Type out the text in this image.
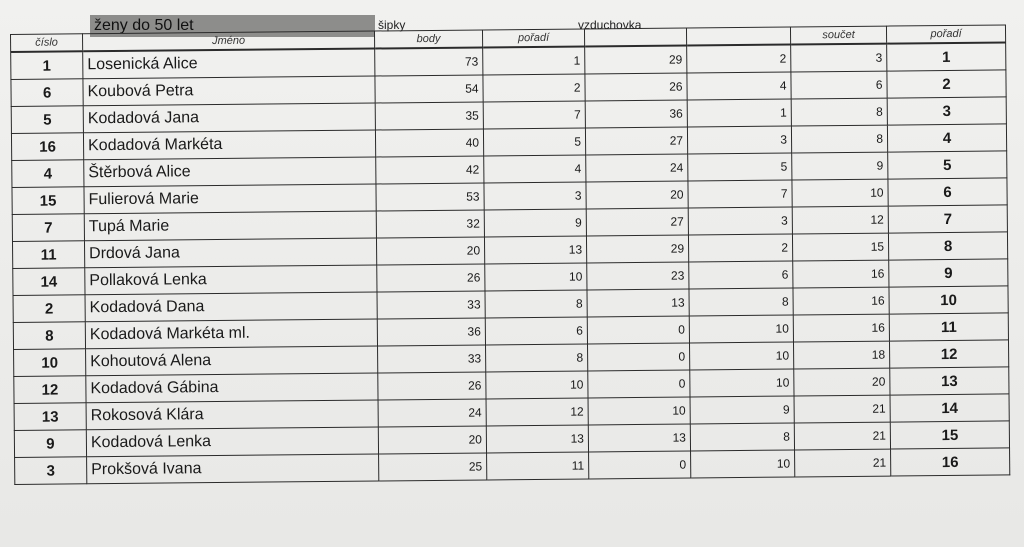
ženy do 50 let	šipky	vzduchovka
číslo	Jméno	body	pořadí			součet	pořadí
1	Losenická Alice	73	1	29	2	3	1
6	Koubová Petra	54	2	26	4	6	2
5	Kodadová Jana	35	7	36	1	8	3
16	Kodadová Markéta	40	5	27	3	8	4
4	Štěrbová Alice	42	4	24	5	9	5
15	Fulierová Marie	53	3	20	7	10	6
7	Tupá Marie	32	9	27	3	12	7
11	Drdová Jana	20	13	29	2	15	8
14	Pollaková Lenka	26	10	23	6	16	9
2	Kodadová Dana	33	8	13	8	16	10
8	Kodadová Markéta ml.	36	6	0	10	16	11
10	Kohoutová Alena	33	8	0	10	18	12
12	Kodadová Gábina	26	10	0	10	20	13
13	Rokosová Klára	24	12	10	9	21	14
9	Kodadová Lenka	20	13	13	8	21	15
3	Prokšová Ivana	25	11	0	10	21	16
